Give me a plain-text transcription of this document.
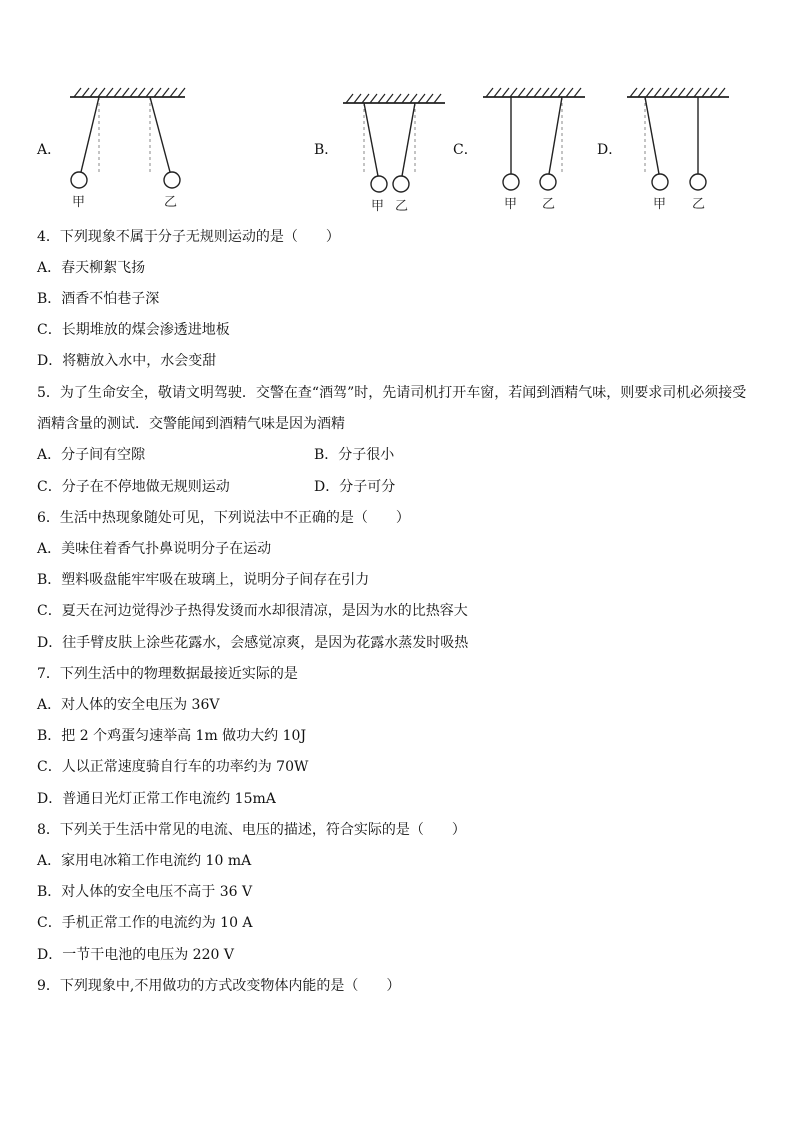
A．	B．	C．	D．
甲	乙	甲 乙	甲 乙	甲 乙
4．下列现象不属于分子无规则运动的是（　　）
A．春天柳絮飞扬
B．酒香不怕巷子深
C．长期堆放的煤会渗透进地板
D．将糖放入水中，水会变甜
5．为了生命安全，敬请文明驾驶．交警在查“酒驾”时，先请司机打开车窗，若闻到酒精气味，则要求司机必须接受
酒精含量的测试．交警能闻到酒精气味是因为酒精
A．分子间有空隙	B．分子很小
C．分子在不停地做无规则运动	D．分子可分
6．生活中热现象随处可见，下列说法中不正确的是（　　）
A．美味住着香气扑鼻说明分子在运动
B．塑料吸盘能牢牢吸在玻璃上，说明分子间存在引力
C．夏天在河边觉得沙子热得发烫而水却很清凉，是因为水的比热容大
D．往手臂皮肤上涂些花露水，会感觉凉爽，是因为花露水蒸发时吸热
7．下列生活中的物理数据最接近实际的是
A．对人体的安全电压为 36V
B．把 2 个鸡蛋匀速举高 1m 做功大约 10J
C．人以正常速度骑自行车的功率约为 70W
D．普通日光灯正常工作电流约 15mA
8．下列关于生活中常见的电流、电压的描述，符合实际的是（　　）
A．家用电冰箱工作电流约 10 mA
B．对人体的安全电压不高于 36 V
C．手机正常工作的电流约为 10 A
D．一节干电池的电压为 220 V
9．下列现象中,不用做功的方式改变物体内能的是（　　）
